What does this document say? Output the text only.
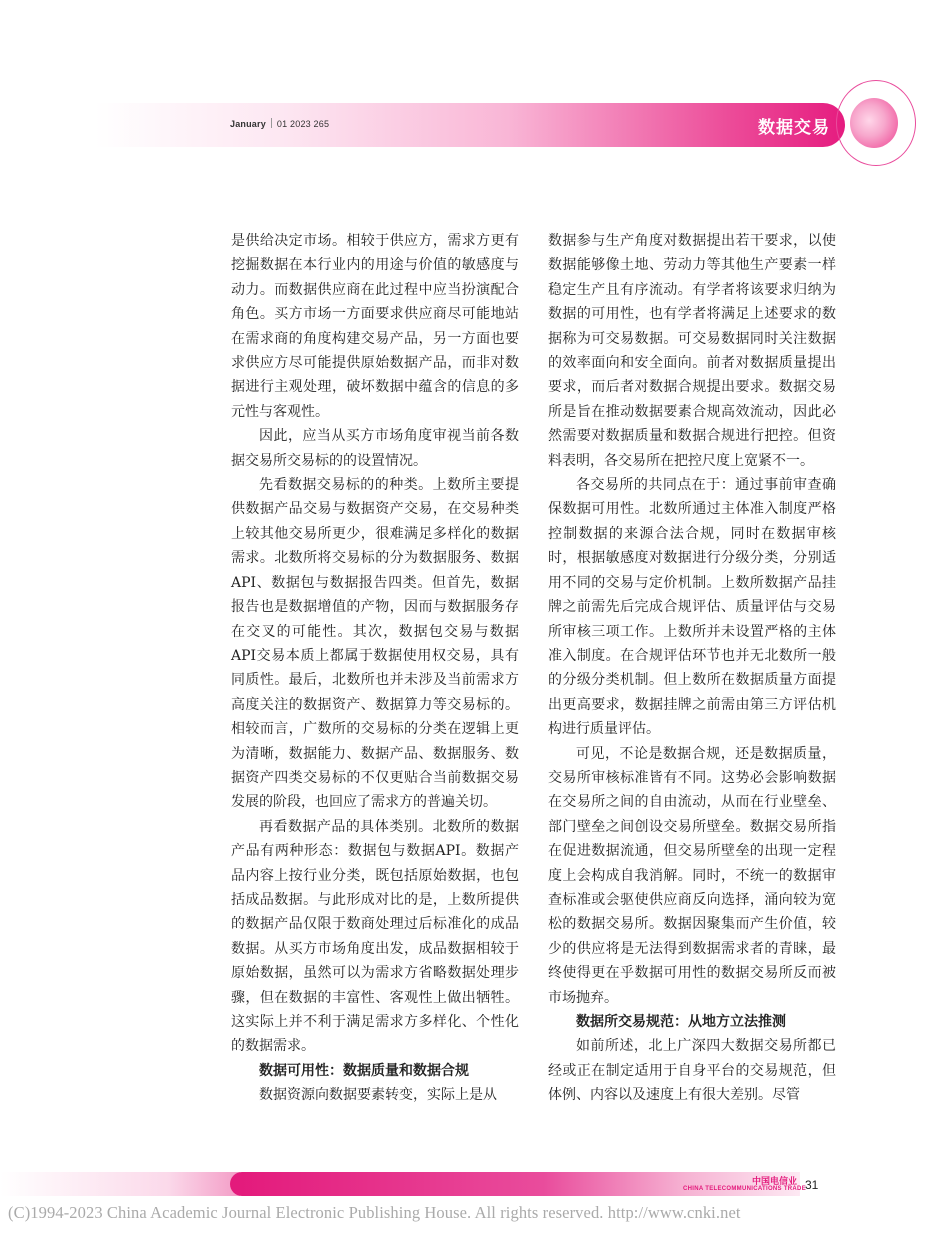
January 01 2023 265	数据交易

是供给决定市场。相较于供应方，需求方更有挖掘数据在本行业内的用途与价值的敏感度与动力。而数据供应商在此过程中应当扮演配合角色。买方市场一方面要求供应商尽可能地站在需求商的角度构建交易产品，另一方面也要求供应方尽可能提供原始数据产品，而非对数据进行主观处理，破坏数据中蕴含的信息的多元性与客观性。

因此，应当从买方市场角度审视当前各数据交易所交易标的的设置情况。

先看数据交易标的的种类。上数所主要提供数据产品交易与数据资产交易，在交易种类上较其他交易所更少，很难满足多样化的数据需求。北数所将交易标的分为数据服务、数据API、数据包与数据报告四类。但首先，数据报告也是数据增值的产物，因而与数据服务存在交叉的可能性。其次，数据包交易与数据API交易本质上都属于数据使用权交易，具有同质性。最后，北数所也并未涉及当前需求方高度关注的数据资产、数据算力等交易标的。相较而言，广数所的交易标的分类在逻辑上更为清晰，数据能力、数据产品、数据服务、数据资产四类交易标的不仅更贴合当前数据交易发展的阶段，也回应了需求方的普遍关切。

再看数据产品的具体类别。北数所的数据产品有两种形态：数据包与数据API。数据产品内容上按行业分类，既包括原始数据，也包括成品数据。与此形成对比的是，上数所提供的数据产品仅限于数商处理过后标准化的成品数据。从买方市场角度出发，成品数据相较于原始数据，虽然可以为需求方省略数据处理步骤，但在数据的丰富性、客观性上做出牺牲。这实际上并不利于满足需求方多样化、个性化的数据需求。

数据可用性：数据质量和数据合规

数据资源向数据要素转变，实际上是从

数据参与生产角度对数据提出若干要求，以使数据能够像土地、劳动力等其他生产要素一样稳定生产且有序流动。有学者将该要求归纳为数据的可用性，也有学者将满足上述要求的数据称为可交易数据。可交易数据同时关注数据的效率面向和安全面向。前者对数据质量提出要求，而后者对数据合规提出要求。数据交易所是旨在推动数据要素合规高效流动，因此必然需要对数据质量和数据合规进行把控。但资料表明，各交易所在把控尺度上宽紧不一。

各交易所的共同点在于：通过事前审查确保数据可用性。北数所通过主体准入制度严格控制数据的来源合法合规，同时在数据审核时，根据敏感度对数据进行分级分类，分别适用不同的交易与定价机制。上数所数据产品挂牌之前需先后完成合规评估、质量评估与交易所审核三项工作。上数所并未设置严格的主体准入制度。在合规评估环节也并无北数所一般的分级分类机制。但上数所在数据质量方面提出更高要求，数据挂牌之前需由第三方评估机构进行质量评估。

可见，不论是数据合规，还是数据质量，交易所审核标准皆有不同。这势必会影响数据在交易所之间的自由流动，从而在行业壁垒、部门壁垒之间创设交易所壁垒。数据交易所指在促进数据流通，但交易所壁垒的出现一定程度上会构成自我消解。同时，不统一的数据审查标准或会驱使供应商反向选择，涌向较为宽松的数据交易所。数据因聚集而产生价值，较少的供应将是无法得到数据需求者的青睐，最终使得更在乎数据可用性的数据交易所反而被市场抛弃。

数据所交易规范：从地方立法推测

如前所述，北上广深四大数据交易所都已经或正在制定适用于自身平台的交易规范，但体例、内容以及速度上有很大差别。尽管

中国电信业
CHINA TELECOMMUNICATIONS TRADE 31
(C)1994-2023 China Academic Journal Electronic Publishing House. All rights reserved. http://www.cnki.net
